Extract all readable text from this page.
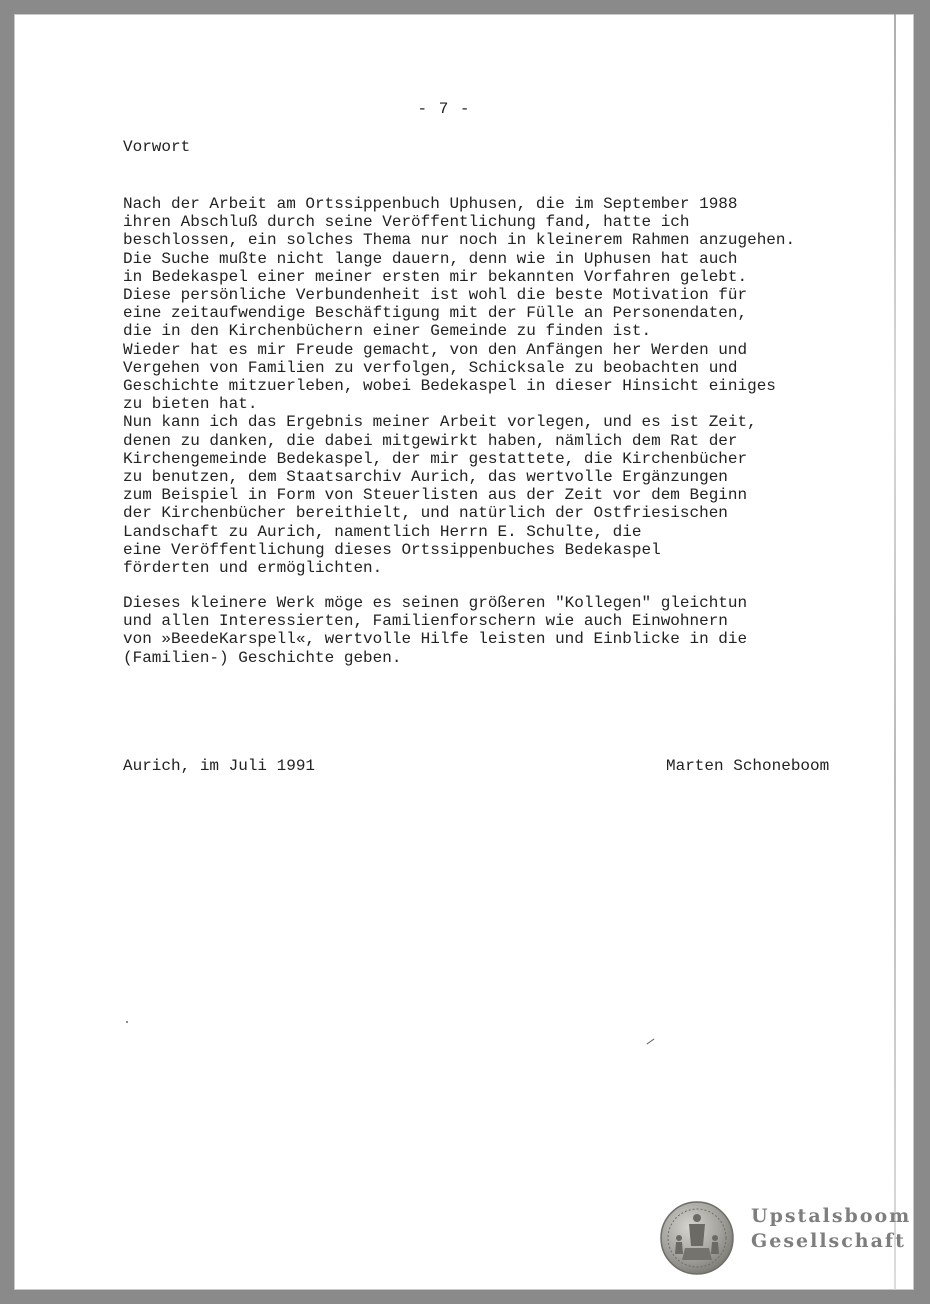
- 7 -
Vorwort

Nach der Arbeit am Ortssippenbuch Uphusen, die im September 1988
ihren Abschluß durch seine Veröffentlichung fand, hatte ich
beschlossen, ein solches Thema nur noch in kleinerem Rahmen anzugehen.
Die Suche mußte nicht lange dauern, denn wie in Uphusen hat auch
in Bedekaspel einer meiner ersten mir bekannten Vorfahren gelebt.
Diese persönliche Verbundenheit ist wohl die beste Motivation für
eine zeitaufwendige Beschäftigung mit der Fülle an Personendaten,
die in den Kirchenbüchern einer Gemeinde zu finden ist.
Wieder hat es mir Freude gemacht, von den Anfängen her Werden und
Vergehen von Familien zu verfolgen, Schicksale zu beobachten und
Geschichte mitzuerleben, wobei Bedekaspel in dieser Hinsicht einiges
zu bieten hat.
Nun kann ich das Ergebnis meiner Arbeit vorlegen, und es ist Zeit,
denen zu danken, die dabei mitgewirkt haben, nämlich dem Rat der
Kirchengemeinde Bedekaspel, der mir gestattete, die Kirchenbücher
zu benutzen, dem Staatsarchiv Aurich, das wertvolle Ergänzungen
zum Beispiel in Form von Steuerlisten aus der Zeit vor dem Beginn
der Kirchenbücher bereithielt, und natürlich der Ostfriesischen
Landschaft zu Aurich, namentlich Herrn E. Schulte, die
eine Veröffentlichung dieses Ortssippenbuches Bedekaspel
förderten und ermöglichten.

Dieses kleinere Werk möge es seinen größeren "Kollegen" gleichtun
und allen Interessierten, Familienforschern wie auch Einwohnern
von »BeedeKarspell«, wertvolle Hilfe leisten und Einblicke in die
(Familien-) Geschichte geben.

Aurich, im Juli 1991	Marten Schoneboom
Upstalsboom
Gesellschaft
